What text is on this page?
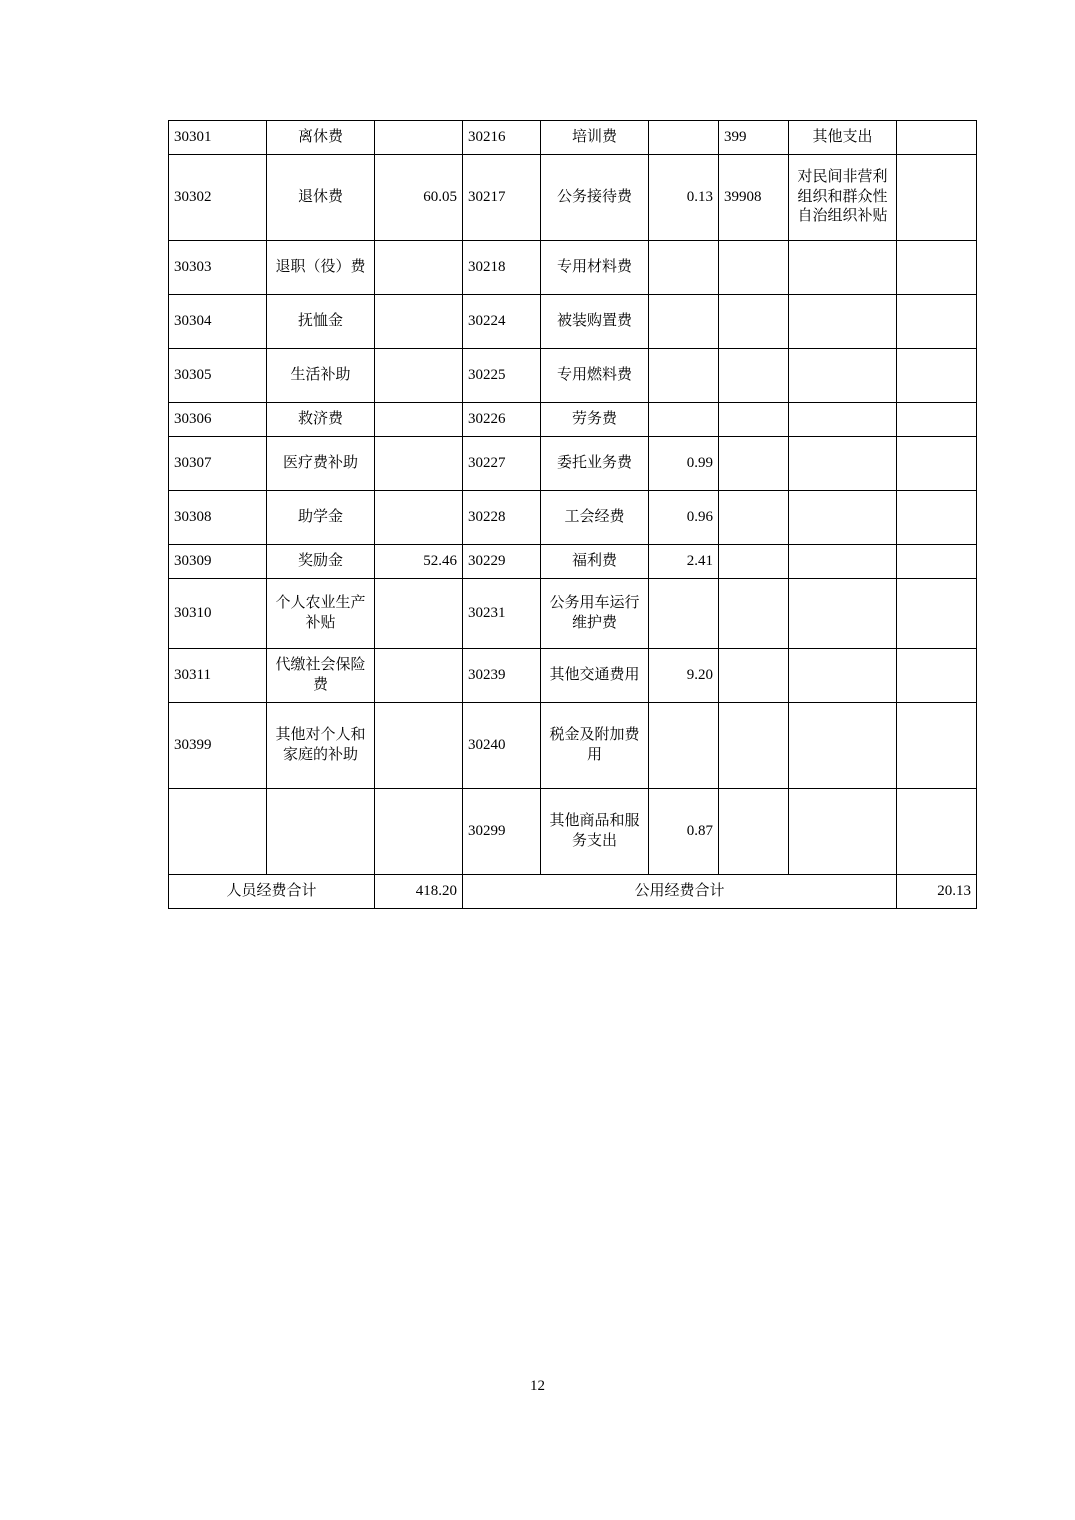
30301	离休费		30216	培训费		399	其他支出	
30302	退休费	60.05	30217	公务接待费	0.13	39908	对民间非营利组织和群众性自治组织补贴	
30303	退职（役）费		30218	专用材料费				
30304	抚恤金		30224	被装购置费				
30305	生活补助		30225	专用燃料费				
30306	救济费		30226	劳务费				
30307	医疗费补助		30227	委托业务费	0.99			
30308	助学金		30228	工会经费	0.96			
30309	奖励金	52.46	30229	福利费	2.41			
30310	个人农业生产补贴		30231	公务用车运行维护费				
30311	代缴社会保险费		30239	其他交通费用	9.20			
30399	其他对个人和家庭的补助		30240	税金及附加费用				
			30299	其他商品和服务支出	0.87			
人员经费合计		418.20	公用经费合计					20.13
12
